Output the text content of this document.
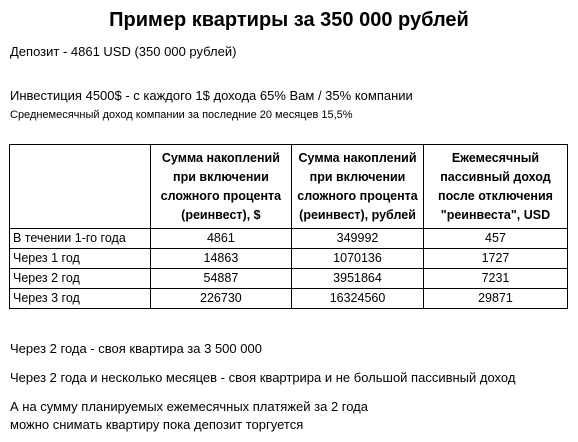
Пример квартиры за 350 000 рублей
Депозит - 4861 USD (350 000 рублей)
Инвестиция 4500$ - с каждого 1$ дохода 65% Вам / 35% компании
Среднемесячный доход компании за последние 20 месяцев 15,5%
	Сумма накоплений при включении сложного процента (реинвест), $	Сумма накоплений при включении сложного процента (реинвест), рублей	Ежемесячный пассивный доход после отключения "реинвеста", USD
В течении 1-го года	4861	349992	457
Через 1 год	14863	1070136	1727
Через 2 год	54887	3951864	7231
Через 3 год	226730	16324560	29871
Через 2 года - своя квартира за 3 500 000
Через 2 года и несколько месяцев - своя квартрира и не большой пассивный доход
А на сумму планируемых ежемесячных платяжей за 2 года
можно снимать квартиру пока депозит торгуется
